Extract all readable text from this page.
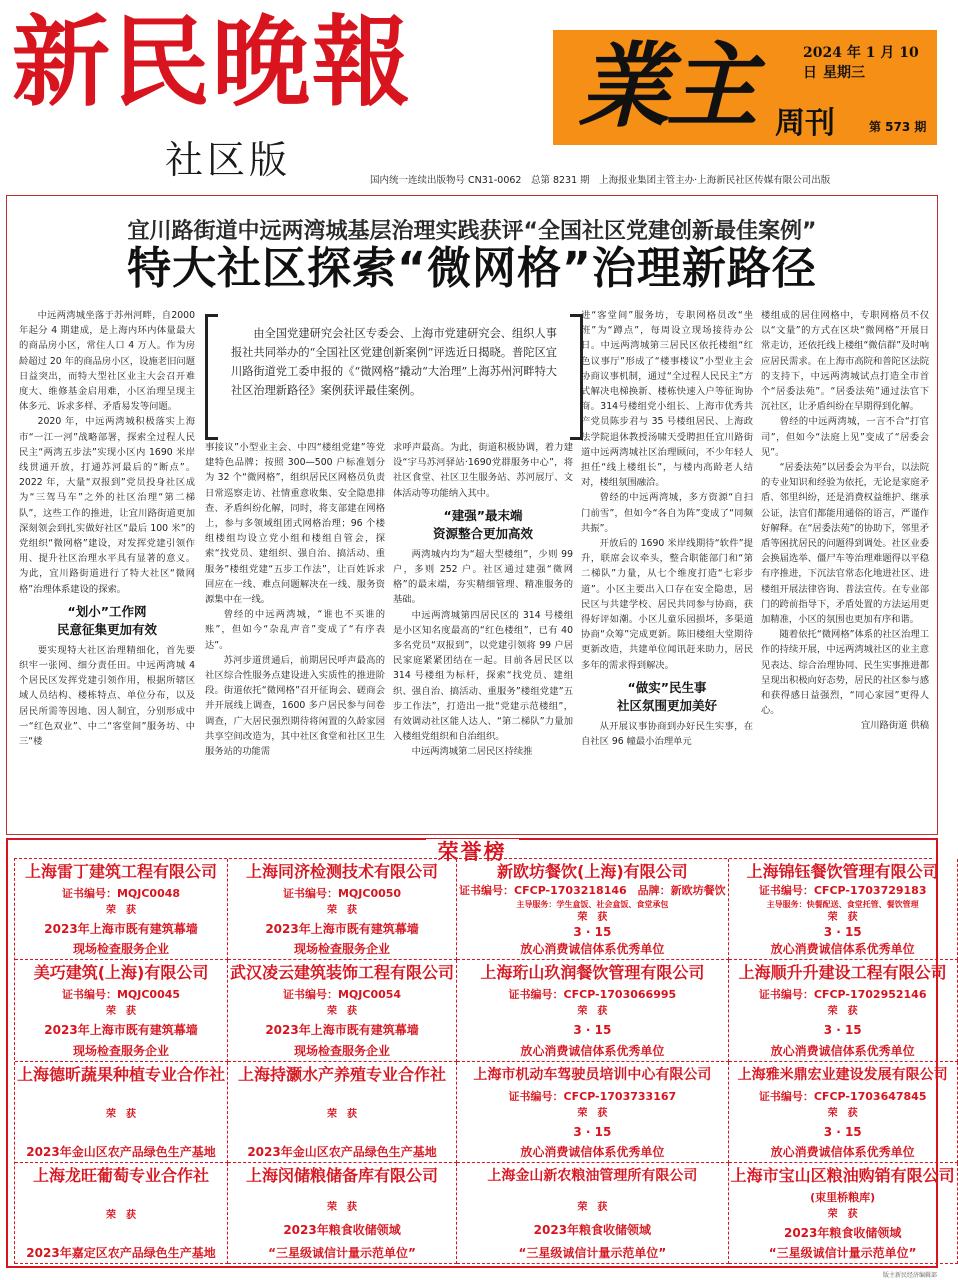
新民晚報
社区版
業主	2024 年 1 月 10 日 星期三
周刊	第 573 期
国内统一连续出版物号 CN31-0062　总第 8231 期　上海报业集团主管主办·上海新民社区传媒有限公司出版
宜川路街道中远两湾城基层治理实践获评“全国社区党建创新最佳案例”
特大社区探索“微网格”治理新路径

中远两湾城坐落于苏州河畔，自2000 年起分 4 期建成，是上海内环内体量最大的商品房小区，常住人口 4 万人。作为房龄超过 20 年的商品房小区，设施老旧问题日益突出，而特大型社区业主大会召开难度大、维修基金启用难，小区治理呈现主体多元、诉求多样、矛盾易发等问题。

2020 年，中远两湾城积极落实上海市“一江一河”战略部署，探索全过程人民民主“两湾五步法”实现小区内 1690 米岸线贯通开放，打通苏河最后的“断点”。2022 年，大量“双报到”党员投身社区成为“三驾马车”之外的社区治理“第二梯队”，这些工作的推进，让宜川路街道更加深刻领会到扎实做好社区“最后 100 米”的党组织“微网格”建设，对发挥党建引领作用、提升社区治理水平具有显著的意义。为此，宜川路街道进行了特大社区“微网格”治理体系建设的探索。

“划小”工作网
民意征集更加有效

要实现特大社区治理精细化，首先要织牢一张网、细分责任田。中远两湾城 4 个居民区发挥党建引领作用，根据所辖区域人员结构、楼栋特点、单位分布，以及居民所需等因地、因人制宜，分别形成中一“红色双业”、中二“客堂间”服务坊、中三“楼

由全国党建研究会社区专委会、上海市党建研究会、组织人事报社共同举办的“全国社区党建创新案例”评选近日揭晓。普陀区宜川路街道党工委申报的《“微网格”撬动“大治理”上海苏州河畔特大社区治理新路径》案例获评最佳案例。

事接议”小型业主会、中四“楼组党建”等党建特色品牌；按照 300—500 户标准划分为 32 个“微网格”，组织居民区网格员负责日常巡察走访、社情重意收集、安全隐患排查、矛盾纠纷化解，同时，将支部建在网格上，参与多领域组团式网格治理；96 个楼组楼组均设立党小组和楼组自管会，探索“找党员、建组织、强自治、搞活动、重服务”楼组党建“五步工作法”，让百姓诉求回应在一线、难点问题解决在一线、服务资源集中在一线。

曾经的中远两湾城，“谁也不买谁的账”，但如今“杂乱声音”变成了“有序表达”。

苏河步道贯通后，前期居民呼声最高的社区综合性服务点建设进入实质性的推进阶段。街道依托“微网格”召开征询会、磋商会并开展线上调查，1600 多户居民参与问卷调查，广大居民强烈期待将闲置的久龄家园共享空间改造为，其中社区食堂和社区卫生服务站的功能需

求呼声最高。为此，街道积极协调，着力建设“宇马苏河驿站·1690党群服务中心”，将社区食堂、社区卫生服务站、苏河展厅、文体活动等功能纳入其中。

“建强”最末端
资源整合更加高效

两湾城内均为“超大型楼组”，少则 99 户，多则 252 户。社区通过建强“微网格”的最末端，夯实精细管理、精准服务的基础。

中远两湾城第四居民区的 314 号楼组是小区知名度最高的“红色楼组”，已有 40 多名党员“双报到”，以党建引领将 99 户居民家庭紧紧团结在一起。目前各居民区以 314 号楼组为标杆，探索“找党员、建组织、强自治、搞活动、重服务”楼组党建”五步工作法”，打造出一批“党建示范楼组”，有效调动社区能人达人、“第二梯队”力量加入楼组党组织和自治组织。

中远两湾城第二居民区持续推

进“客堂间”服务坊，专职网格员改“坐班”为“蹲点”，每周设立现场接待办公日。中远两湾城第三居民区依托楼组“红色议事厅”形成了“楼事楼议”小型业主会协商议事机制，通过“全过程人民民主”方式解决电梯换新、楼栋快速入户等征询协商。314号楼组党小组长、上海市优秀共产党员陈步君与 35 号楼组居民、上海政法学院退休教授汤啸天受聘担任宜川路街道中远两湾城社区治理顾问，不少年轻人担任“线上楼组长”，与楼内高龄老人结对，楼组氛围融洽。

曾经的中远两湾城，多方资源“自扫门前雪”，但如今“各自为阵”变成了“同频共振”。

开放后的 1690 米岸线期待“软件”提升，联席会议牵头，整合职能部门和“第二梯队”力量，从七个维度打造“七彩步道”。小区主要出入口存在安全隐患，居民区与共建学校、居民共同参与协商，获得好评如潮。小区儿童乐园损坏，多渠道协商“众筹”完成更新。陈旧楼组大堂期待更新改造，共建单位闻讯赶来助力，居民多年的需求得到解决。

“做实”民生事
社区氛围更加美好

从开展议事协商到办好民生实事，在自社区 96 幢最小治理单元

楼组成的居住网格中，专职网格员不仅以“文量”的方式在区块“微网格”开展日常走访，还依托线上楼组“微信群”及时响应居民需求。在上海市高院和普陀区法院的支持下，中远两湾城试点打造全市首个“居委法苑”。“居委法苑”通过法官下沉社区，让矛盾纠纷在早期得到化解。

曾经的中远两湾城，一言不合“打官司”，但如今“法庭上见”变成了“居委会见”。

“居委法苑”以居委会为平台，以法院的专业知识和经验为依托，无论是家庭矛盾、邻里纠纷，还是消费权益维护、继承公证，法官们都能用通俗的语言，严谨作好解释。在“居委法苑”的协助下，邻里矛盾等困扰居民的问题得到调处。社区业委会换届选举、僵尸车等治理难题得以平稳有序推进，下沉法官常态化地进社区、进楼组开展法律咨询、普法宣传。在专业部门的跨前指导下，矛盾处置的方法运用更加精准，小区的氛围也更加有序和谐。

随着依托“微网格”体系的社区治理工作的持续开展，中远两湾城社区的业主意见表达、综合治理协同、民生实事推进都呈现出积极向好态势，居民的社区参与感和获得感日益强烈，“同心家园”更得人心。

宜川路街道 供稿
荣誉榜
上海雷丁建筑工程有限公司
证书编号：MQJC0048
荣　获
2023年上海市既有建筑幕墙
现场检查服务企业
上海同济检测技术有限公司
证书编号：MQJC0050
荣　获
2023年上海市既有建筑幕墙
现场检查服务企业
新欧坊餐饮(上海)有限公司
证书编号：CFCP-1703218146　品牌：新欧坊餐饮
主导服务：学生盒饭、社会盒饭、食堂承包
荣　获
3 · 15
放心消费诚信体系优秀单位
上海锦钰餐饮管理有限公司
证书编号：CFCP-1703729183
主导服务：快餐配送、食堂托管、餐饮管理
荣　获
3 · 15
放心消费诚信体系优秀单位
美巧建筑(上海)有限公司
证书编号：MQJC0045
荣　获
2023年上海市既有建筑幕墙
现场检查服务企业
武汉凌云建筑装饰工程有限公司
证书编号：MQJC0054
荣　获
2023年上海市既有建筑幕墙
现场检查服务企业
上海珩山玖润餐饮管理有限公司
证书编号：CFCP-1703066995
荣　获
3 · 15
放心消费诚信体系优秀单位
上海顺升升建设工程有限公司
证书编号：CFCP-1702952146
荣　获
3 · 15
放心消费诚信体系优秀单位
上海德昕蔬果种植专业合作社
荣　获
2023年金山区农产品绿色生产基地
上海持灏水产养殖专业合作社
荣　获
2023年金山区农产品绿色生产基地
上海市机动车驾驶员培训中心有限公司
证书编号：CFCP-1703733167
荣　获
3 · 15
放心消费诚信体系优秀单位
上海雅米鼎宏业建设发展有限公司
证书编号：CFCP-1703647845
荣　获
3 · 15
放心消费诚信体系优秀单位
上海龙旺葡萄专业合作社
荣　获
2023年嘉定区农产品绿色生产基地
上海闵储粮储备库有限公司
荣　获
2023年粮食收储领域
“三星级诚信计量示范单位”
上海金山新农粮油管理所有限公司
荣　获
2023年粮食收储领域
“三星级诚信计量示范单位”
上海市宝山区粮油购销有限公司
(束里桥粮库)
荣　获
2023年粮食收储领域
“三星级诚信计量示范单位”
版主新民经济编辑部
